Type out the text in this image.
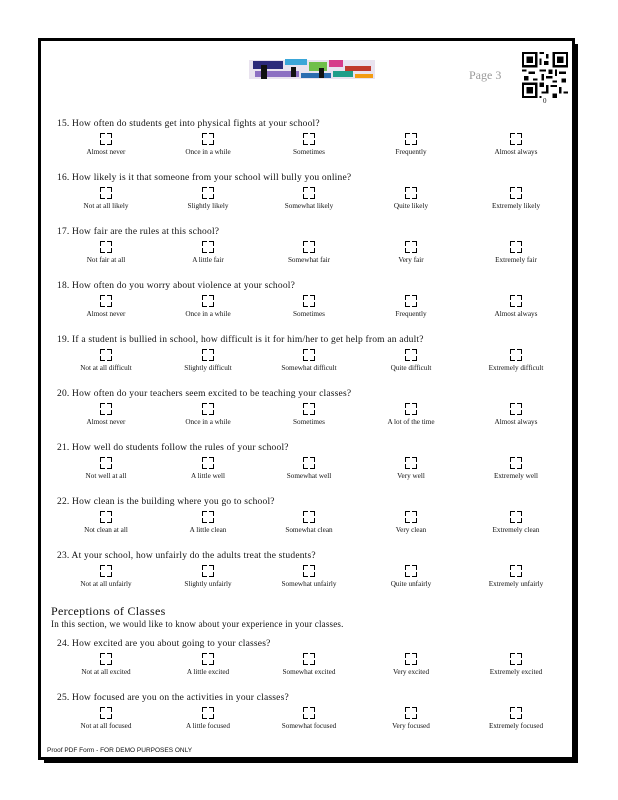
Page 3
0
15. How often do students get into physical fights at your school?
Almost never	Once in a while	Sometimes	Frequently	Almost always
16. How likely is it that someone from your school will bully you online?
Not at all likely	Slightly likely	Somewhat likely	Quite likely	Extremely likely
17. How fair are the rules at this school?
Not fair at all	A little fair	Somewhat fair	Very fair	Extremely fair
18. How often do you worry about violence at your school?
Almost never	Once in a while	Sometimes	Frequently	Almost always
19. If a student is bullied in school, how difficult is it for him/her to get help from an adult?
Not at all difficult	Slightly difficult	Somewhat difficult	Quite difficult	Extremely difficult
20. How often do your teachers seem excited to be teaching your classes?
Almost never	Once in a while	Sometimes	A lot of the time	Almost always
21. How well do students follow the rules of your school?
Not well at all	A little well	Somewhat well	Very well	Extremely well
22. How clean is the building where you go to school?
Not clean at all	A little clean	Somewhat clean	Very clean	Extremely clean
23. At your school, how unfairly do the adults treat the students?
Not at all unfairly	Slightly unfairly	Somewhat unfairly	Quite unfairly	Extremely unfairly
24. How excited are you about going to your classes?
Not at all excited	A little excited	Somewhat excited	Very excited	Extremely excited
25. How focused are you on the activities in your classes?
Not at all focused	A little focused	Somewhat focused	Very focused	Extremely focused
Perceptions of Classes
In this section, we would like to know about your experience in your classes.
Proof PDF Form - FOR DEMO PURPOSES ONLY
